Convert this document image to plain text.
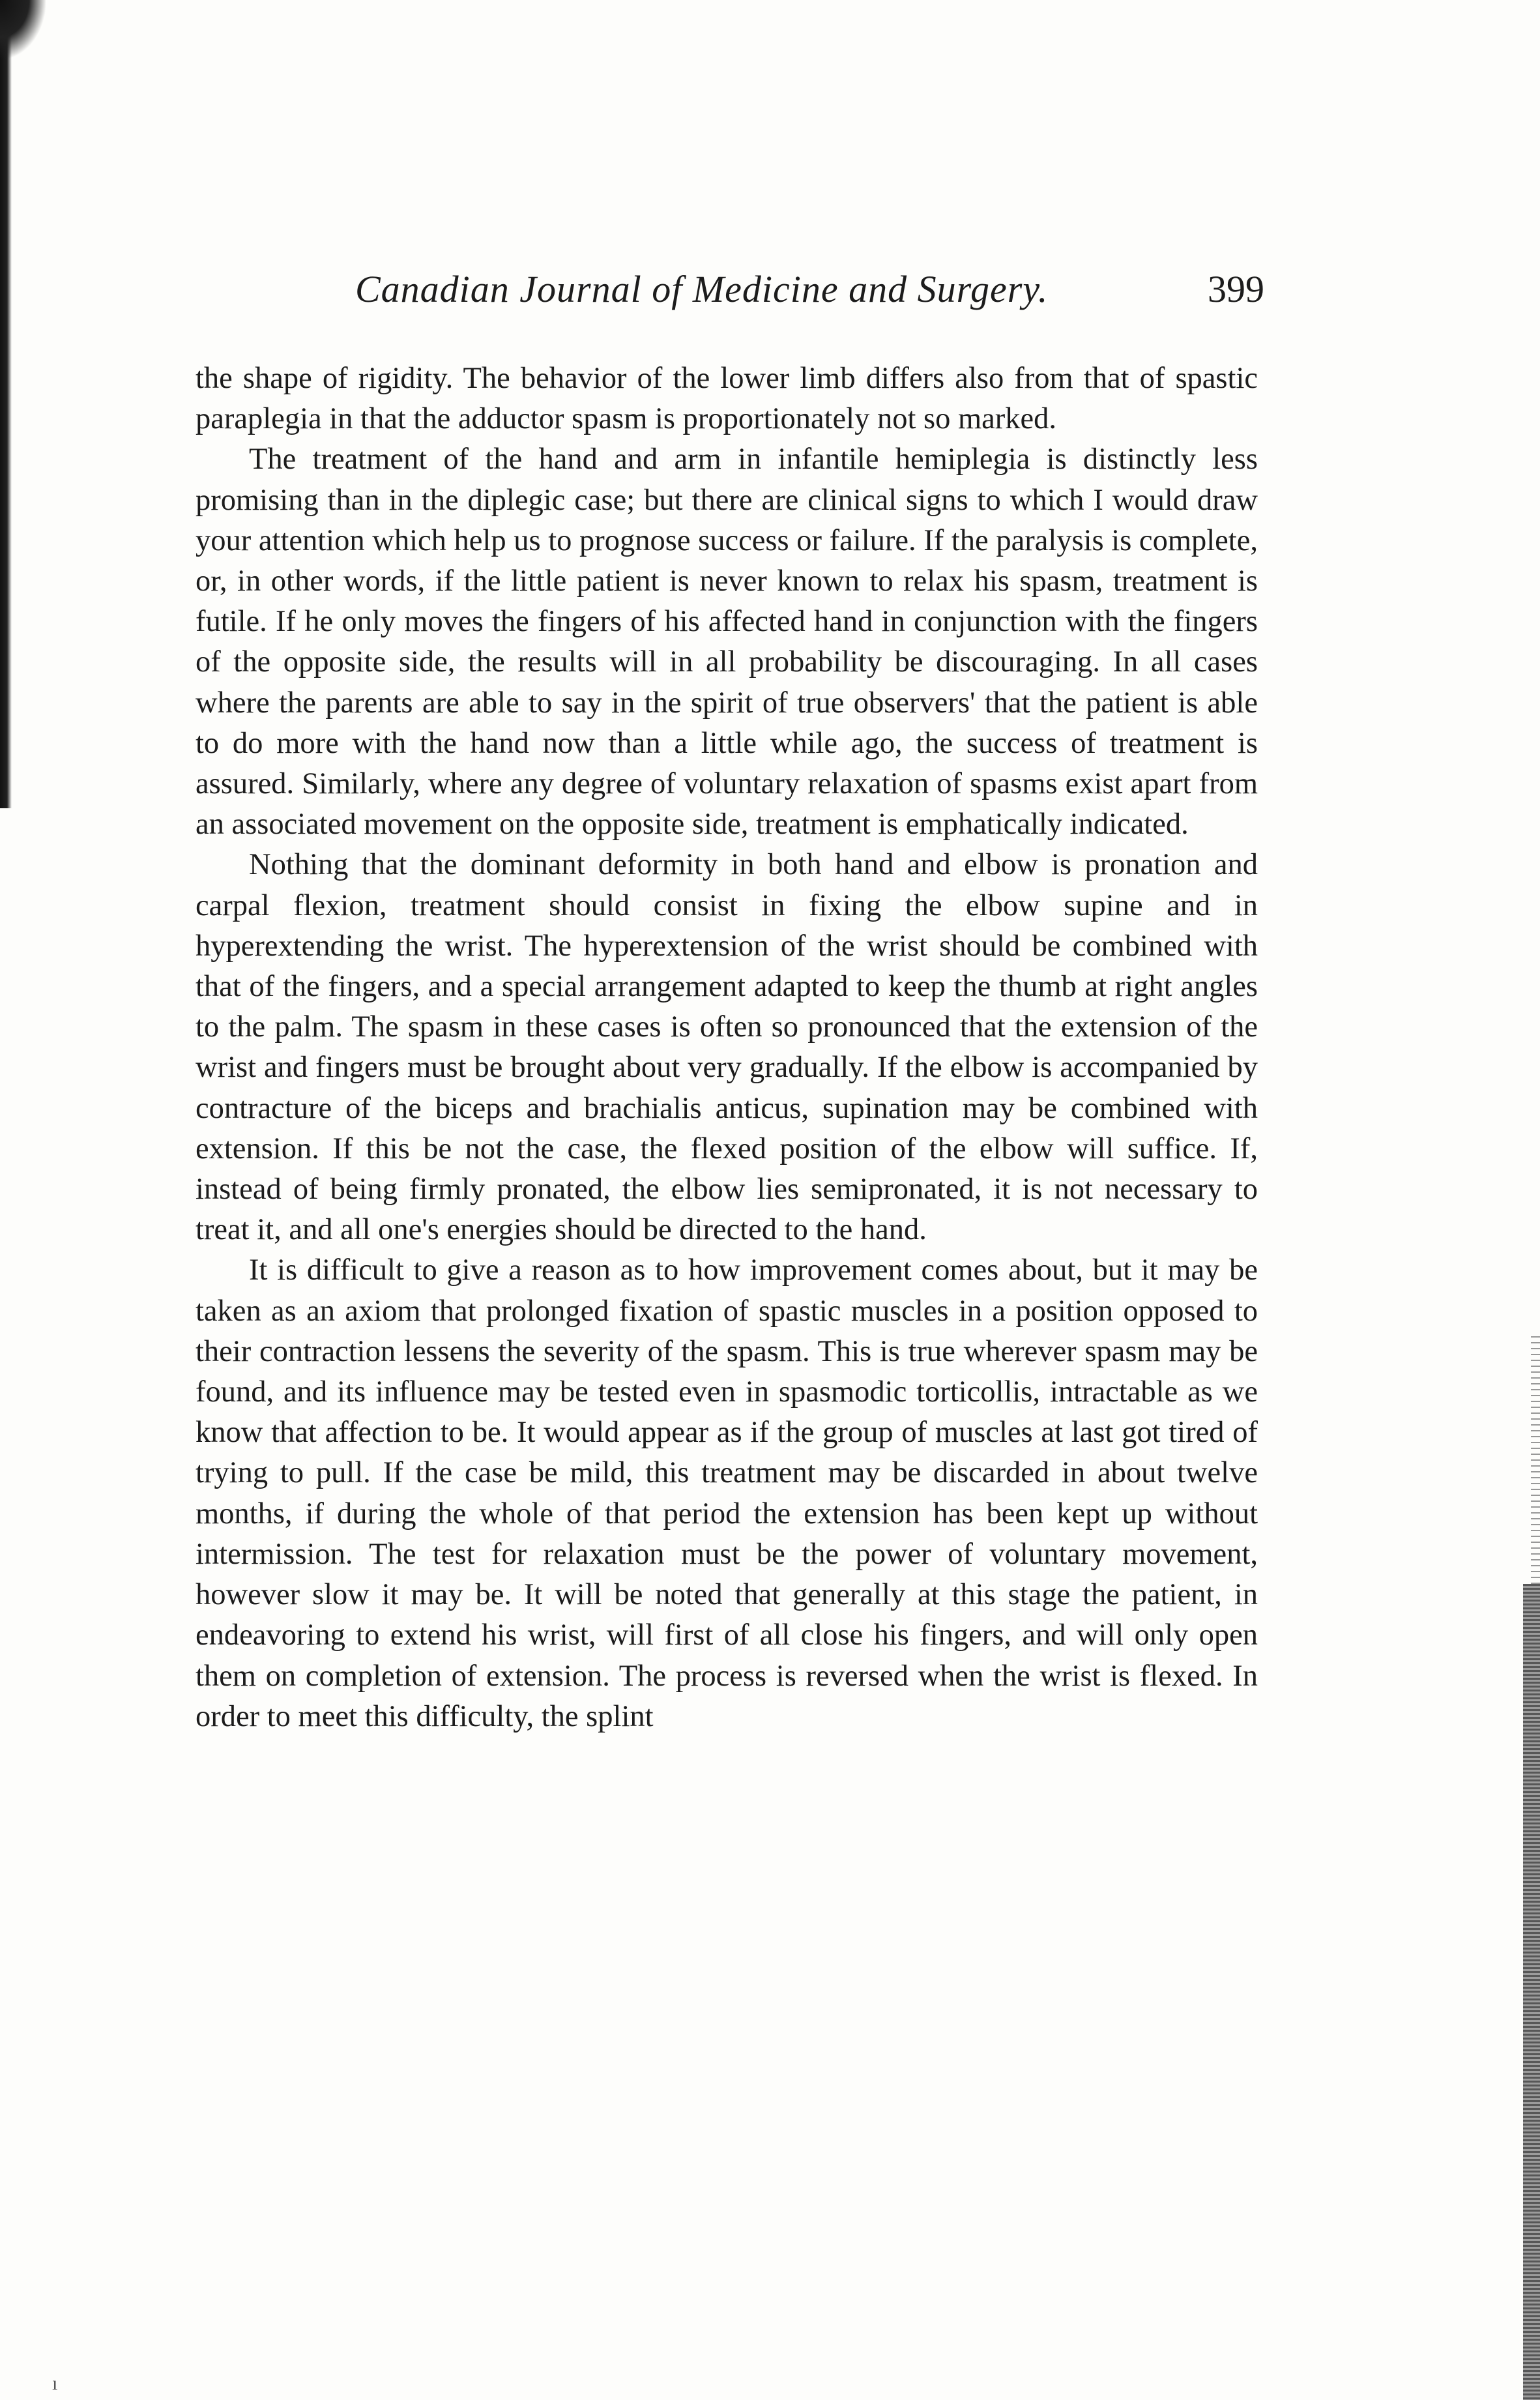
Canadian Journal of Medicine and Surgery.	399

the shape of rigidity. The behavior of the lower limb differs also from that of spastic paraplegia in that the adductor spasm is proportionately not so marked.

The treatment of the hand and arm in infantile hemiplegia is distinctly less promising than in the diplegic case; but there are clinical signs to which I would draw your attention which help us to prognose success or failure. If the paralysis is complete, or, in other words, if the little patient is never known to relax his spasm, treatment is futile. If he only moves the fingers of his affected hand in conjunction with the fingers of the opposite side, the results will in all probability be discouraging. In all cases where the parents are able to say in the spirit of true observers' that the patient is able to do more with the hand now than a little while ago, the success of treatment is assured. Similarly, where any degree of voluntary relaxation of spasms exist apart from an associated movement on the opposite side, treatment is emphatically indicated.

Nothing that the dominant deformity in both hand and elbow is pronation and carpal flexion, treatment should consist in fixing the elbow supine and in hyperextending the wrist. The hyperextension of the wrist should be combined with that of the fingers, and a special arrangement adapted to keep the thumb at right angles to the palm. The spasm in these cases is often so pronounced that the extension of the wrist and fingers must be brought about very gradually. If the elbow is accompanied by contracture of the biceps and brachialis anticus, supination may be combined with extension. If this be not the case, the flexed position of the elbow will suffice. If, instead of being firmly pronated, the elbow lies semipronated, it is not necessary to treat it, and all one's energies should be directed to the hand.

It is difficult to give a reason as to how improvement comes about, but it may be taken as an axiom that prolonged fixation of spastic muscles in a position opposed to their contraction lessens the severity of the spasm. This is true wherever spasm may be found, and its influence may be tested even in spasmodic torticollis, intractable as we know that affection to be. It would appear as if the group of muscles at last got tired of trying to pull. If the case be mild, this treatment may be discarded in about twelve months, if during the whole of that period the extension has been kept up without intermission. The test for relaxation must be the power of voluntary movement, however slow it may be. It will be noted that generally at this stage the patient, in endeavoring to extend his wrist, will first of all close his fingers, and will only open them on completion of extension. The process is reversed when the wrist is flexed. In order to meet this difficulty, the splint

ı
